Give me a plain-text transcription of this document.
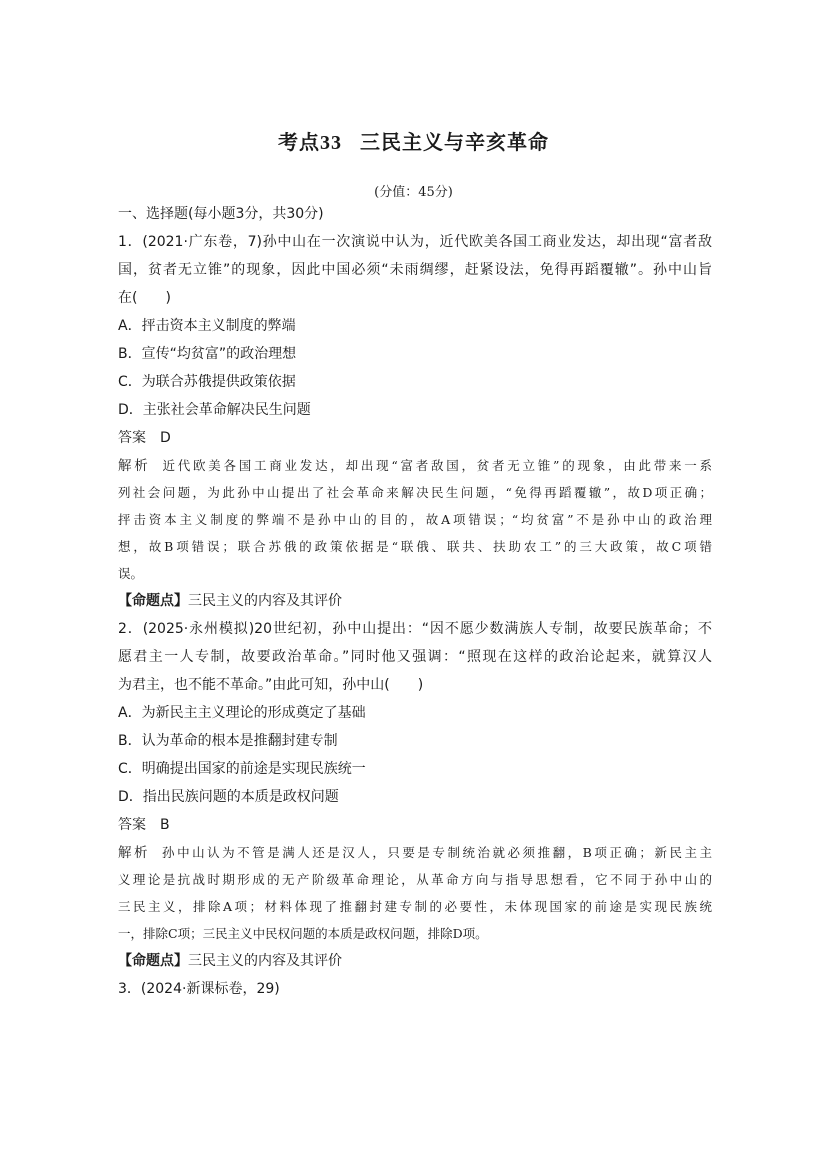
考点33 三民主义与辛亥革命
(分值：45分)
一、选择题(每小题3分，共30分)
1．(2021·广东卷，7)孙中山在一次演说中认为，近代欧美各国工商业发达，却出现“富者敌
国，贫者无立锥”的现象，因此中国必须“未雨绸缪，赶紧设法，免得再蹈覆辙”。孙中山旨
在(　　)
A．抨击资本主义制度的弊端
B．宣传“均贫富”的政治理想
C．为联合苏俄提供政策依据
D．主张社会革命解决民生问题
答案 D
解析 近代欧美各国工商业发达，却出现“富者敌国，贫者无立锥”的现象，由此带来一系
列社会问题，为此孙中山提出了社会革命来解决民生问题，“免得再蹈覆辙”，故D项正确；
抨击资本主义制度的弊端不是孙中山的目的，故A项错误；“均贫富”不是孙中山的政治理
想，故B项错误；联合苏俄的政策依据是“联俄、联共、扶助农工”的三大政策，故C项错
误。
【命题点】三民主义的内容及其评价
2．(2025·永州模拟)20世纪初，孙中山提出：“因不愿少数满族人专制，故要民族革命；不
愿君主一人专制，故要政治革命。”同时他又强调：“照现在这样的政治论起来，就算汉人
为君主，也不能不革命。”由此可知，孙中山(　　)
A．为新民主主义理论的形成奠定了基础
B．认为革命的根本是推翻封建专制
C．明确提出国家的前途是实现民族统一
D．指出民族问题的本质是政权问题
答案 B
解析 孙中山认为不管是满人还是汉人，只要是专制统治就必须推翻，B项正确；新民主主
义理论是抗战时期形成的无产阶级革命理论，从革命方向与指导思想看，它不同于孙中山的
三民主义，排除A项；材料体现了推翻封建专制的必要性，未体现国家的前途是实现民族统
一，排除C项；三民主义中民权问题的本质是政权问题，排除D项。
【命题点】三民主义的内容及其评价
3．(2024·新课标卷，29)
